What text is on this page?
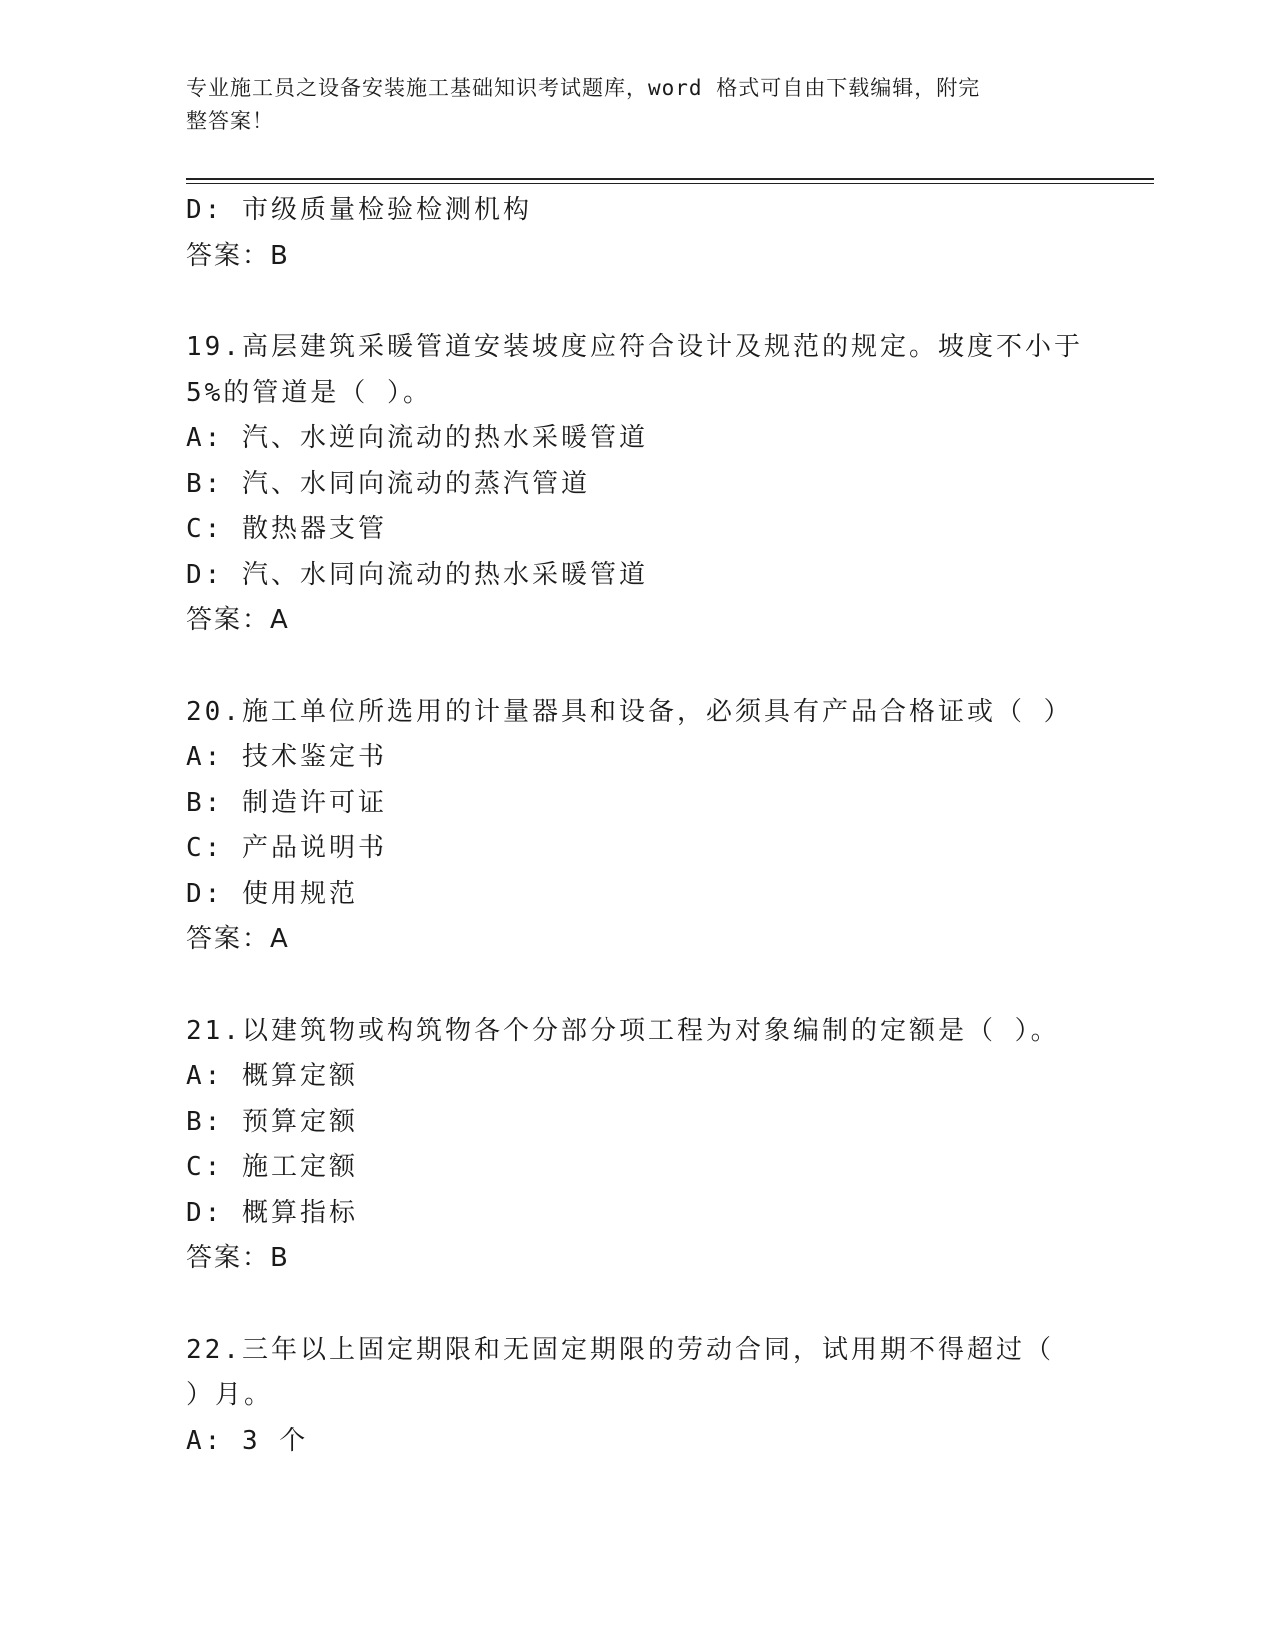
专业施工员之设备安装施工基础知识考试题库，word 格式可自由下载编辑，附完
整答案！
D: 市级质量检验检测机构
答案：B
19.高层建筑采暖管道安装坡度应符合设计及规范的规定。坡度不小于
5%的管道是（ ）。
A: 汽、水逆向流动的热水采暖管道
B: 汽、水同向流动的蒸汽管道
C: 散热器支管
D: 汽、水同向流动的热水采暖管道
答案：A
20.施工单位所选用的计量器具和设备，必须具有产品合格证或（ ）
A: 技术鉴定书
B: 制造许可证
C: 产品说明书
D: 使用规范
答案：A
21.以建筑物或构筑物各个分部分项工程为对象编制的定额是（ ）。
A: 概算定额
B: 预算定额
C: 施工定额
D: 概算指标
答案：B
22.三年以上固定期限和无固定期限的劳动合同，试用期不得超过（
）月。
A: 3 个
